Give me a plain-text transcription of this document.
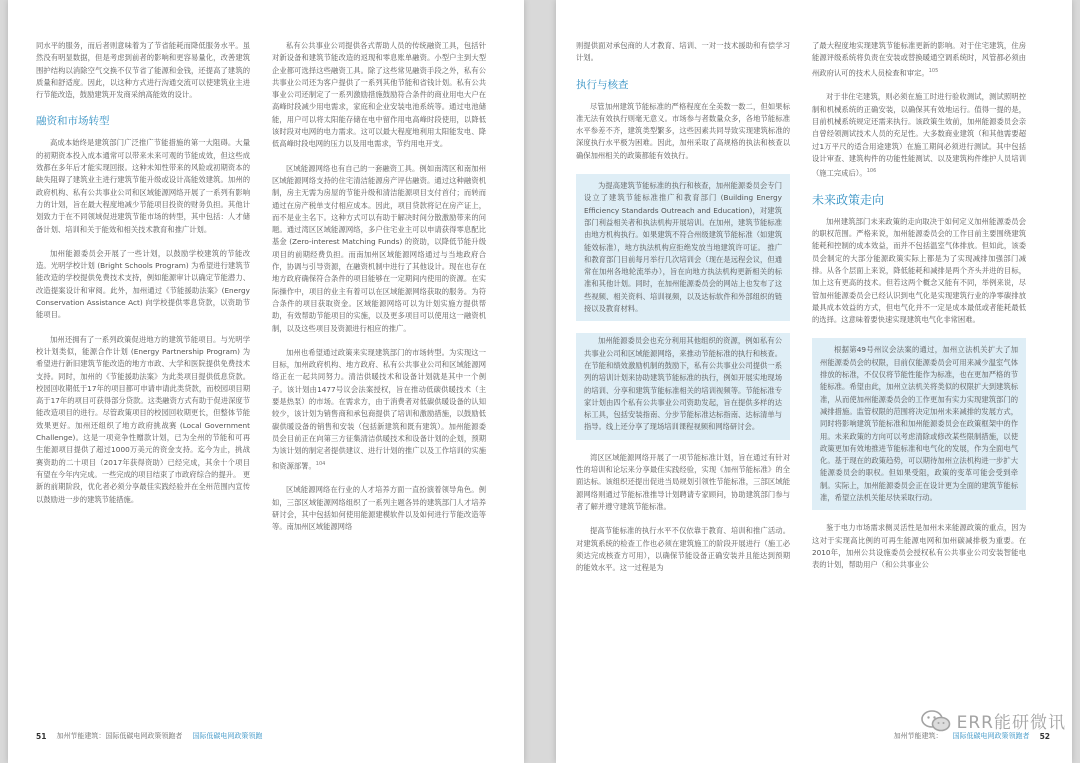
同水平的服务，而后者则意味着为了节省能耗而降低服务水平。虽然没有明显数据，但是考虑到前者的影响和更容易量化，改善建筑围护结构以消除空气交换不仅节省了能源和金钱，还提高了建筑的质量和舒适度。因此，以这种方式进行沟通交流可以使建筑业主进行节能改造，鼓励建筑开发商采纳高能效的设计。

融资和市场转型

高成本始终是建筑部门广泛推广节能措施的第一大阻碍。大量的初期资本投入成本通常可以带来未来可观的节能成效，但这些成效都在多年后才能实现回报。这种未知性带来的风险或初期资本的缺失阻碍了建筑业主进行建筑节能升级或设计高能效建筑。加州的政府机构、私有公共事业公司和区域能源网络开展了一系列有影响力的计划，旨在最大程度地减少节能项目投资的财务负担。其他计划致力于在不同领域促进建筑节能市场的转型，其中包括：人才储备计划、培训和关于能效和相关技术教育和推广计划。

加州能源委员会开展了一些计划，以鼓励学校建筑的节能改造。光明学校计划 (Bright Schools Program) 为希望进行建筑节能改造的学校提供免费技术支持，例如能源审计以确定节能潜力、改造提案设计和审阅。此外，加州通过《节能援助法案》(Energy Conservation Assistance Act) 向学校提供零息贷款，以资助节能项目。

加州还拥有了一系列政策促进地方的建筑节能项目。与光明学校计划类似，能源合作计划 (Energy Partnership Program) 为希望进行新旧建筑节能改造的地方市政、大学和医院提供免费技术支持。同时，加州的《节能援助法案》为此类项目提供低息贷款。校园回收期低于17年的项目都可申请申请此类贷款，而校园项目期高于17年的项目可获得部分贷款。这类融资方式有助于促进深度节能改造项目的进行。尽管政策项目的校园回收期更长，但整体节能效果更好。加州还组织了地方政府挑战赛 (Local Government Challenge)。这是一项竞争性赠款计划，已为全州的节能和可再生能源项目提供了超过1000万美元的资金支持。迄今为止，挑战赛资助的二十项目（2017年获得资助）已经完成，其余十个项目有望在今年内完成。一些完成的项目结束了市政府综合的提升。 更新的前期阶段，优化者必须分享最佳实践经验并在全州范围内宣传以鼓励进一步的建筑节能措施。

私有公共事业公司提供各式帮助人员的传统融资工具，包括针对新设备和建筑节能改造的返现和零息账单融资。小型户主到大型企业都可选择这些融资工具。除了这些常见融资手段之外，私有公共事业公司还为客户提供了一系列其他节能和省钱计划。私有公共事业公司还制定了一系列激励措施鼓励符合条件的商业用电大户在高峰时段减少用电需求，家庭和企业安装电池系统等。通过电池储能，用户可以将太阳能存储在电中留作用电高峰时段使用，以降低该时段对电网的电力需求。这可以最大程度地利用太阳能发电、降低高峰时段电网的压力以及用电需求，节约用电开支。

区域能源网络也有自己的一套融资工具。例如南湾区和南加州区域能源网络支持的住宅清洁能源房产评估融资。通过这种融资机制，房主无需为房屋的节能升级和清洁能源项目支付首付；而转而通过在房产税单支付相应成本。因此，项目贷款将记在房产证上，而不是业主名下。这种方式可以有助于解决时间分散激励带来的问题。通过湾区区域能源网络，多户住宅业主可以申请获得零息配比基金 (Zero-interest Matching Funds) 的资助，以降低节能升级项目的前期经费负担。而南加州区域能源网络通过与当地政府合作，协调与引导资源，在融资机制中进行了其他设计。现在也存在地方政府确保符合条件的项目能够在一定期间内使用的资源。在实际操作中，项目的业主有着可以在区域能源网络获取的服务。为符合条件的项目获取资金。区域能源网络可以为计划实施方提供帮助，有效帮助节能项目的实施，以及更多项目可以使用这一融资机制，以及这些项目及资源进行相应的推广。

加州也希望通过政策来实现建筑部门的市场转型。为实现这一目标，加州政府机构、地方政府、私有公共事业公司和区域能源网络正在一起共同努力。清洁供暖技术和设备计划就是其中一个例子。该计划由1477号议会法案授权，旨在推动低碳供暖技术（主要是热泵）的市场。在需求方，由于消费者对低碳供暖设备的认知较少，该计划为销售商和承包商提供了培训和激励措施，以鼓励低碳供暖设备的销售和安装（包括新建筑和既有建筑）。加州能源委员会目前正在向第三方征集清洁供暖技术和设备计划的企划，预期为该计划的制定者提供建议、进行计划的推广以及工作培训的实施和资源部署。$^{104}$

区域能源网络在行业的人才培养方面一直扮演着领导角色。例如，三部区域能源网络组织了一系列主题各异的建筑部门人才培养研讨会，其中包括如何使用能源建模软件以及如何进行节能改造等等。南加州区域能源网络

51 加州节能建筑：国际低碳电网政策领跑者 国际低碳电网政策领跑

则提供面对承包商的人才教育、培训、一对一技术援助和有偿学习计划。

执行与核查

尽管加州建筑节能标准的严格程度在全美数一数二，但如果标准无法有效执行则毫无意义。市场参与者数量众多，各地节能标准水平参差不齐，建筑类型繁多，这些因素共同导致实现建筑标准的深度执行水平极为困难。因此，加州采取了高规格的执法和核查以确保加州相关的政策都能有效执行。

为提高建筑节能标准的执行和核查，加州能源委员会专门设立了建筑节能标准推广和教育部门 (Building Energy Efficiency Standards Outreach and Education)，对建筑部门利益相关者和执法机构开展培训。在加州，建筑节能标准由地方机构执行。如果建筑不符合州级建筑节能标准（如建筑能效标准），地方执法机构应拒绝发放当地建筑许可证。 推广和教育部门目前每月举行几次培训会（现在是远程会议，但通常在加州各地轮流举办），旨在向地方执法机构更新相关的标准和其他计划。同时，在加州能源委员会的网站上也发布了这些视频、相关资料、培训视频，以及达标软件和外部组织的链接以及教育材料。

加州能源委员会也充分利用其他组织的资源，例如私有公共事业公司和区域能源网络，来推动节能标准的执行和核查。在节能和绩效激励机制的鼓励下，私有公共事业公司提供一系列的培训计划来协助建筑节能标准的执行，例如开展实地现场的培训、分享和建筑节能标准相关的培训视频等。节能标准专家计划由四个私有公共事业公司资助发起，旨在提供多样的达标工具，包括安装指南、分步节能标准达标指南、达标清单与指导。线上还分享了现场培训课程视频和网络研讨会。

湾区区域能源网络开展了一项节能标准计划，旨在通过有针对性的培训和论坛来分享最佳实践经验，实现《加州节能标准》的全面达标。该组织还提出促进当局规划引领性节能标准，三部区域能源网络则通过节能标准推导计划聘请专家顾问，协助建筑部门参与者了解并遵守建筑节能标准。

提高节能标准的执行水平不仅依靠于教育、培训和推广活动。对建筑系统的检查工作也必须在建筑施工的阶段开展进行（施工必须达完成核查方可用），以确保节能设备正确安装并且能达到预期的能效水平。这一过程是为

了最大程度地实现建筑节能标准更新的影响。对于住宅建筑，住房能源评级系统将负责在安装或替换暖通空调系统时，风管都必须由州政府认可的技术人员检查和审定。$^{105}$

对于非住宅建筑，则必须在施工时进行验收测试，测试照明控制和机械系统的正确安装，以确保其有效地运行。值得一提的是，目前机械系统规定还需来执行。该政策生效前，加州能源委员会亲自曾经领测试技术人员的充足性。大多数商业建筑（和其他需要超过1万平尺的适合用途建筑）在施工期间必须进行测试。其中包括设计审查、建筑构件的功能性能测试、以及建筑构件维护人员培训（施工完成后）。$^{106}$

未来政策走向

加州建筑部门未来政策的走向取决于如何定义加州能源委员会的职权范围。严格来说，加州能源委员会的工作目前主要围绕建筑能耗和控制的成本效益，而并不包括温室气体排放。但如此，该委员会制定的大部分能源政策实际上都是为了实现减排加强部门减排。从各个层面上来说，降低能耗和减排是两个齐头并进的目标，加上这有更高的技术。但若这两个概念又能有不同，举例来说，尽管加州能源委员会已经认识到电气化是实现建筑行业的净零碳排放最具成本效益的方式，但电气化并不一定是成本最低或者能耗最低的选择。这意味着要快速实现建筑电气化非常困难。

根据第49号州议会法案的通过，加州立法机关扩大了加州能源委员会的权限，目前仅能源委员会可用来减少温室气体排放的标准，不仅仅将节能性能作为标准，也在更加严格的节能标准。希望由此，加州立法机关将类似的权限扩大到建筑标准，从而使加州能源委员会的工作更加有实力实现建筑部门的减排措施。监管权限的范围将决定加州未来减排的发展方式，同时将影响建筑节能标准和加州能源委员会在政策框架中的作用。未来政策的方向可以考虑清除或修改某些限制措施，以使政策更加有效地推进节能标准和电气化的发展，作为全面电气化。基于现在的政策趋势，可以期待加州立法机构进一步扩大能源委员会的职权。但如果受阻，政策的变革可能会受到牵制。实际上，加州能源委员会正在设计更为全面的建筑节能标准，希望立法机关能尽快采取行动。

鉴于电力市场需求侧灵活性是加州未来能源政策的重点，因为这对于实现高比例的可再生能源电网和加州碳减排极为重要。在2010年，加州公共设施委员会授权私有公共事业公司安装智能电表的计划，帮助用户（和公共事业公

加州节能建筑： 国际低碳电网政策领跑者 52
ERR能研微讯
